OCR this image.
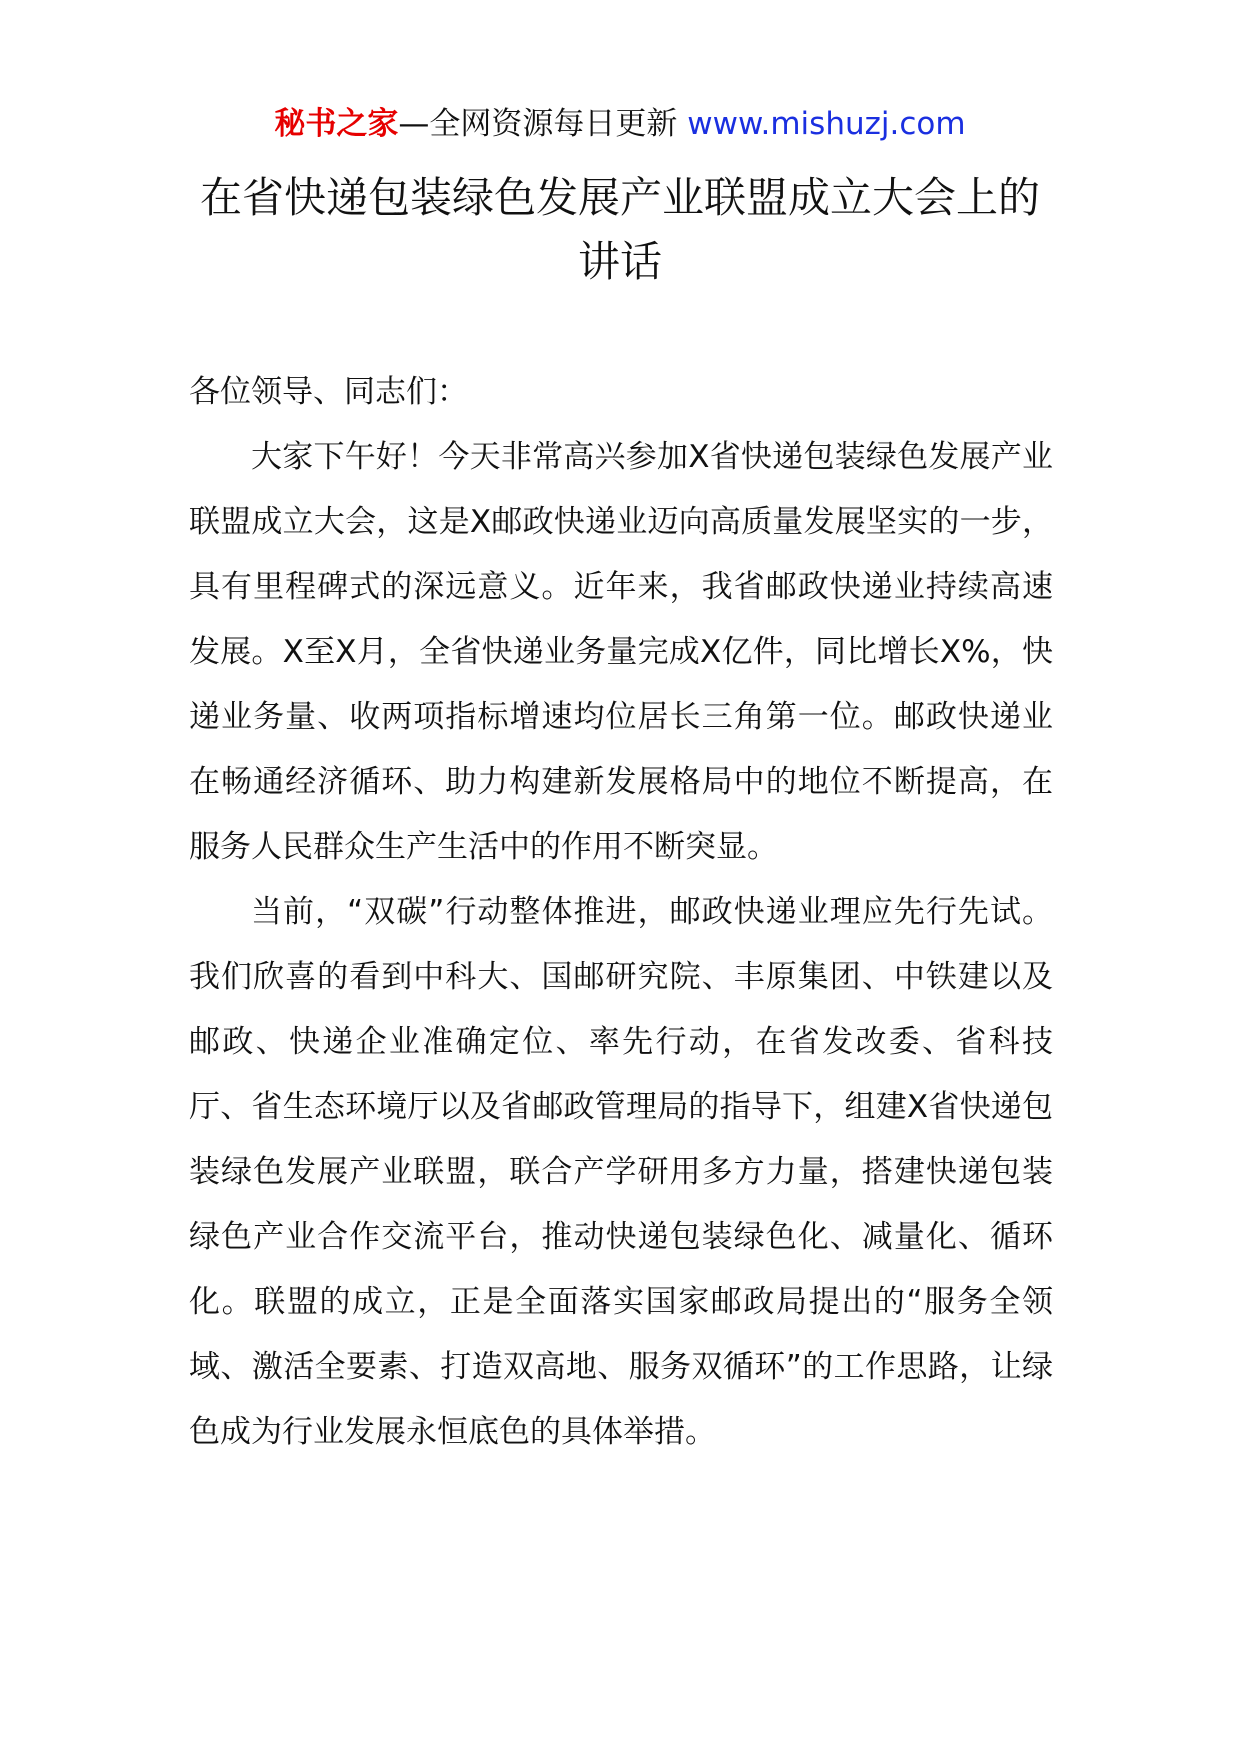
秘书之家—全网资源每日更新 www.mishuzj.com
在省快递包装绿色发展产业联盟成立大会上的讲话

各位领导、同志们：

大家下午好！今天非常高兴参加X省快递包装绿色发展产业联盟成立大会，这是X邮政快递业迈向高质量发展坚实的一步，具有里程碑式的深远意义。近年来，我省邮政快递业持续高速发展。X至X月，全省快递业务量完成X亿件，同比增长X%，快递业务量、收两项指标增速均位居长三角第一位。邮政快递业在畅通经济循环、助力构建新发展格局中的地位不断提高，在服务人民群众生产生活中的作用不断突显。

当前，“双碳”行动整体推进，邮政快递业理应先行先试。我们欣喜的看到中科大、国邮研究院、丰原集团、中铁建以及邮政、快递企业准确定位、率先行动，在省发改委、省科技厅、省生态环境厅以及省邮政管理局的指导下，组建X省快递包装绿色发展产业联盟，联合产学研用多方力量，搭建快递包装绿色产业合作交流平台，推动快递包装绿色化、减量化、循环化。联盟的成立，正是全面落实国家邮政局提出的“服务全领域、激活全要素、打造双高地、服务双循环”的工作思路，让绿色成为行业发展永恒底色的具体举措。
